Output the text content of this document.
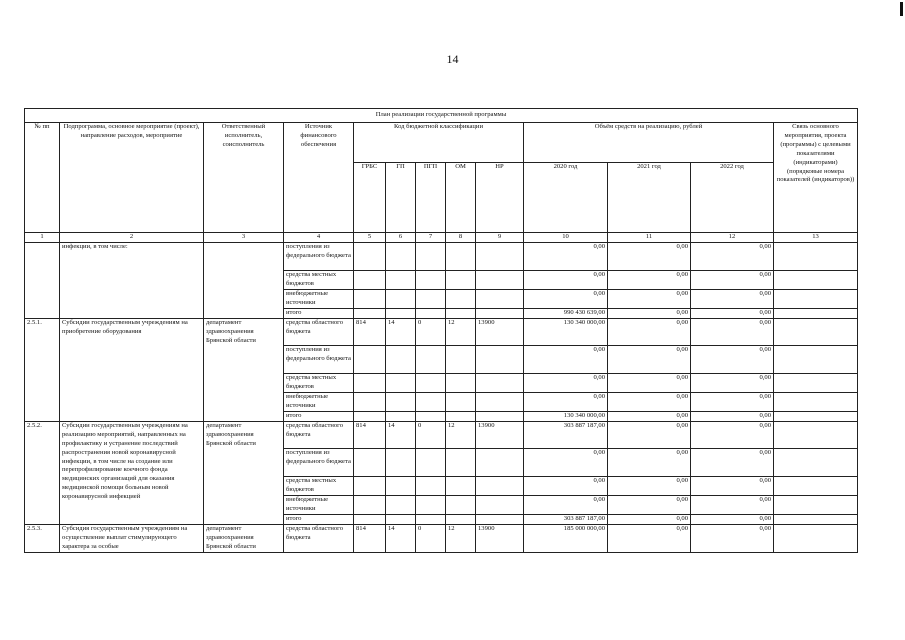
14
План реализации государственной программы												
№ пп	Подпрограмма, основное мероприятие (проект), направление расходов, мероприятие	Ответственный исполнитель, соисполнитель	Источник финансового обеспечения	Код бюджетной классификации					Объём средств на реализацию, рублей			Связь основного мероприятия, проекта (программы) с целевыми показателями (индикаторами) (порядковые номера показателей (индикаторов))
				ГРБС	ГП	ПГП	ОМ	НР	2020 год	2021 год	2022 год	
1	2	3	4	5	6	7	8	9	10	11	12	13
	инфекции, в том числе:		поступления из федерального бюджета						0,00	0,00	0,00	
			средства местных бюджетов						0,00	0,00	0,00	
			внебюджетные источники						0,00	0,00	0,00	
			итого						990 430 639,00	0,00	0,00	
2.5.1.	Субсидии государственным учреждениям на приобретение оборудования	департамент здравоохранения Брянской области	средства областного бюджета	814	14	0	12	13900	130 340 000,00	0,00	0,00	
			поступления из федерального бюджета						0,00	0,00	0,00	
			средства местных бюджетов						0,00	0,00	0,00	
			внебюджетные источники						0,00	0,00	0,00	
			итого						130 340 000,00	0,00	0,00	
2.5.2.	Субсидии государственным учреждениям на реализацию мероприятий, направленных на профилактику и устранение последствий распространения новой коронавирусной инфекции, в том числе на создание или перепрофилирование коечного фонда медицинских организаций для оказания медицинской помощи больным новой коронавирусной инфекцией	департамент здравоохранения Брянской области	средства областного бюджета	814	14	0	12	13900	303 887 187,00	0,00	0,00	
			поступления из федерального бюджета						0,00	0,00	0,00	
			средства местных бюджетов						0,00	0,00	0,00	
			внебюджетные источники						0,00	0,00	0,00	
			итого						303 887 187,00	0,00	0,00	
2.5.3.	Субсидия государственным учреждениям на осуществление выплат стимулирующего характера за особые	департамент здравоохранения Брянской области	средства областного бюджета	814	14	0	12	13900	185 000 000,00	0,00	0,00	
